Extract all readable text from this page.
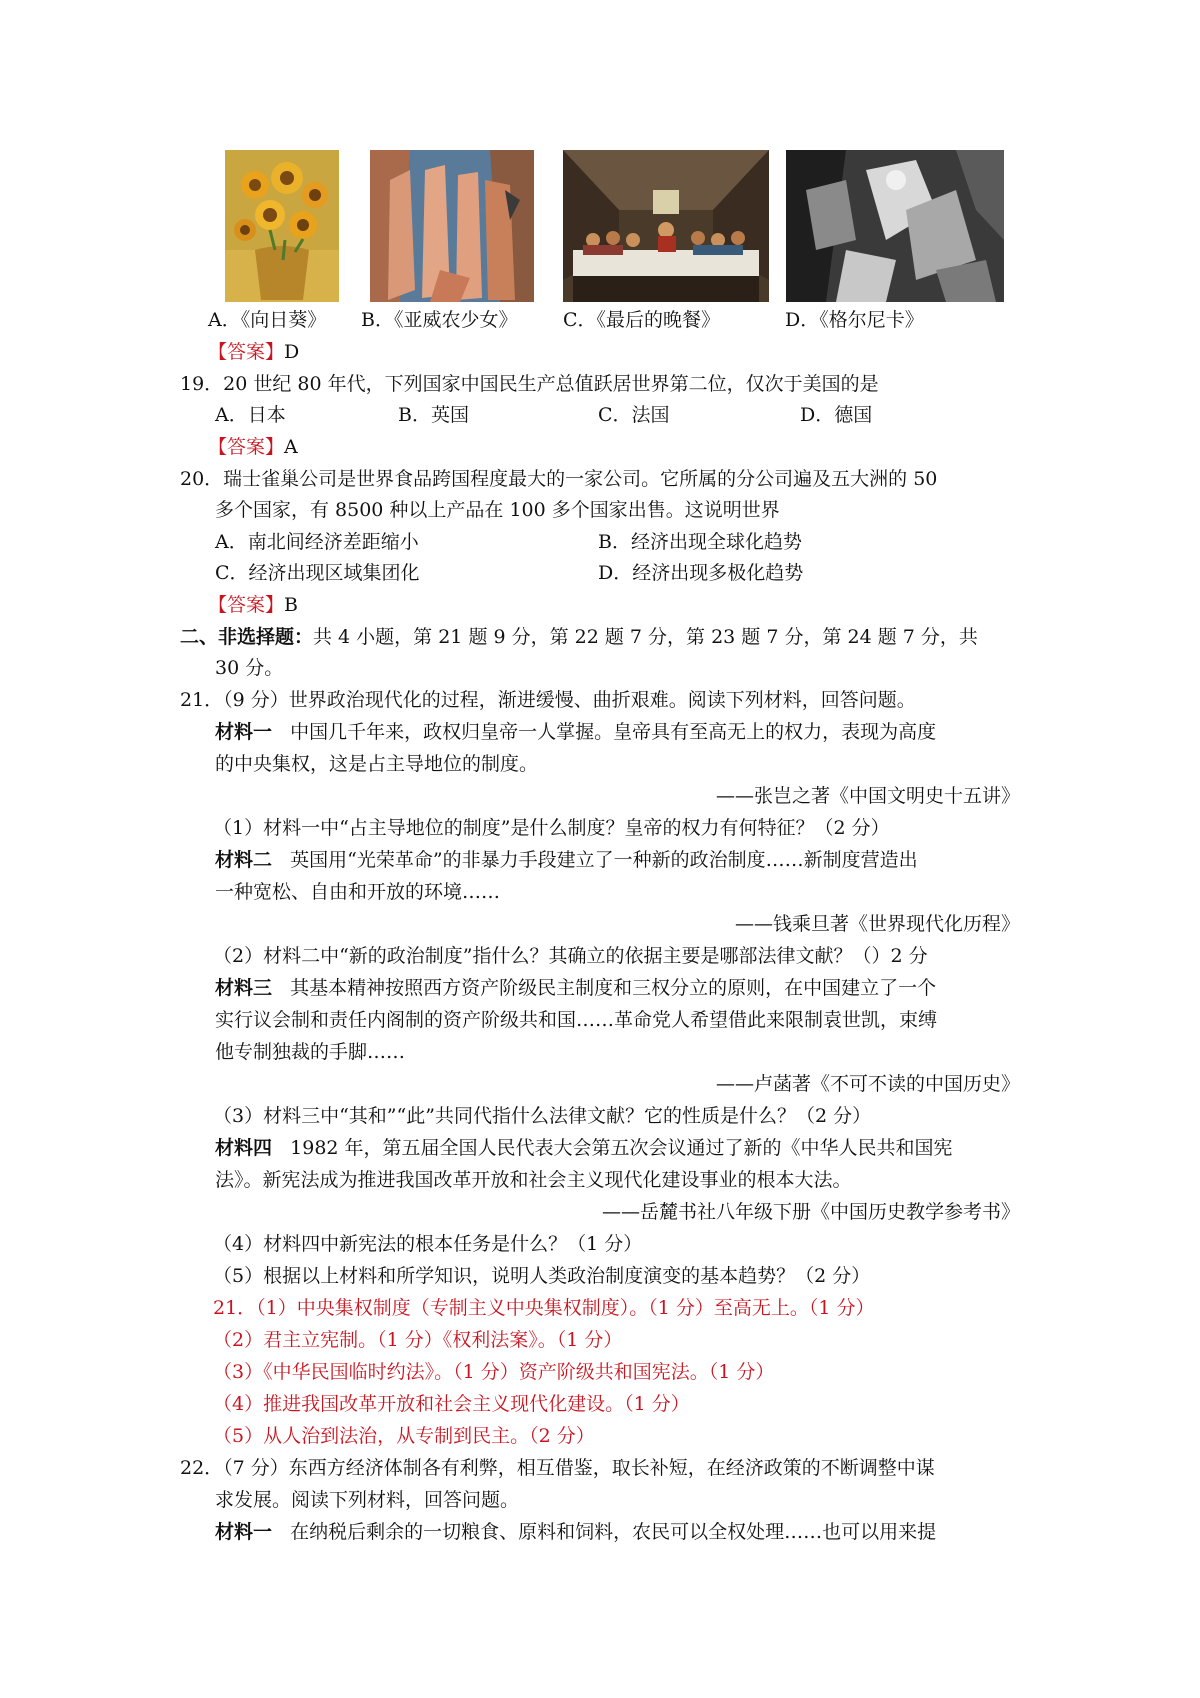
A．《向日葵》 B．《亚威农少女》 C．《最后的晚餐》	D．《格尔尼卡》
【答案】D
19．20 世纪 80 年代，下列国家中国民生产总值跃居世界第二位，仅次于美国的是
A．日本	B．英国	C．法国	D．德国
【答案】A
20．瑞士雀巢公司是世界食品跨国程度最大的一家公司。它所属的分公司遍及五大洲的 50
多个国家，有 8500 种以上产品在 100 多个国家出售。这说明世界
A．南北间经济差距缩小	B．经济出现全球化趋势
C．经济出现区域集团化	D．经济出现多极化趋势
【答案】B
二、非选择题：共 4 小题，第 21 题 9 分，第 22 题 7 分，第 23 题 7 分，第 24 题 7 分，共
30 分。
21．（9 分）世界政治现代化的过程，渐进缓慢、曲折艰难。阅读下列材料，回答问题。
材料一 中国几千年来，政权归皇帝一人掌握。皇帝具有至高无上的权力，表现为高度
的中央集权，这是占主导地位的制度。
——张岂之著《中国文明史十五讲》
（1）材料一中“占主导地位的制度”是什么制度？皇帝的权力有何特征？（2 分）
材料二 英国用“光荣革命”的非暴力手段建立了一种新的政治制度……新制度营造出
一种宽松、自由和开放的环境……
——钱乘旦著《世界现代化历程》
（2）材料二中“新的政治制度”指什么？其确立的依据主要是哪部法律文献？（）2 分
材料三 其基本精神按照西方资产阶级民主制度和三权分立的原则，在中国建立了一个
实行议会制和责任内阁制的资产阶级共和国……革命党人希望借此来限制袁世凯，束缚
他专制独裁的手脚……
——卢菡著《不可不读的中国历史》
（3）材料三中“其和”“此”共同代指什么法律文献？它的性质是什么？（2 分）
材料四 1982 年，第五届全国人民代表大会第五次会议通过了新的《中华人民共和国宪
法》。新宪法成为推进我国改革开放和社会主义现代化建设事业的根本大法。
——岳麓书社八年级下册《中国历史教学参考书》
（4）材料四中新宪法的根本任务是什么？（1 分）
（5）根据以上材料和所学知识，说明人类政治制度演变的基本趋势？（2 分）
21．（1）中央集权制度（专制主义中央集权制度）。（1 分）至高无上。（1 分）
（2）君主立宪制。（1 分）《权利法案》。（1 分）
（3）《中华民国临时约法》。（1 分）资产阶级共和国宪法。（1 分）
（4）推进我国改革开放和社会主义现代化建设。（1 分）
（5）从人治到法治，从专制到民主。（2 分）
22．（7 分）东西方经济体制各有利弊，相互借鉴，取长补短，在经济政策的不断调整中谋
求发展。阅读下列材料，回答问题。
材料一 在纳税后剩余的一切粮食、原料和饲料，农民可以全权处理……也可以用来提
